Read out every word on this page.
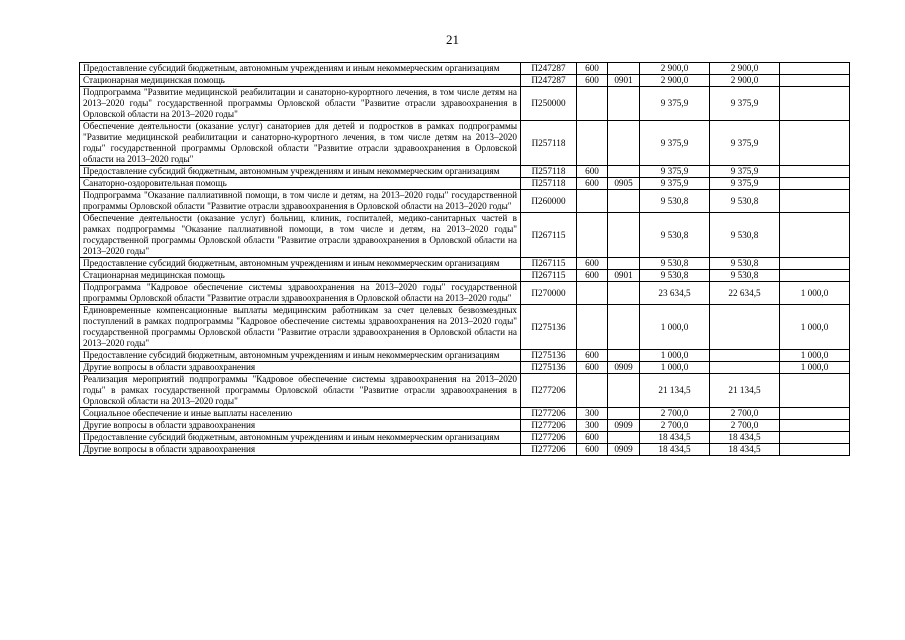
21
Предоставление субсидий бюджетным, автономным учреждениям и иным некоммерческим организациям	П247287	600		2 900,0	2 900,0	
Стационарная медицинская помощь	П247287	600	0901	2 900,0	2 900,0	
Подпрограмма "Развитие медицинской реабилитации и санаторно-курортного лечения, в том числе детям на 2013–2020 годы" государственной программы Орловской области "Развитие отрасли здравоохранения в Орловской области на 2013–2020 годы"	П250000			9 375,9	9 375,9	
Обеспечение деятельности (оказание услуг) санаториев для детей и подростков в рамках подпрограммы "Развитие медицинской реабилитации и санаторно-курортного лечения, в том числе детям на 2013–2020 годы" государственной программы Орловской области "Развитие отрасли здравоохранения в Орловской области на 2013–2020 годы"	П257118			9 375,9	9 375,9	
Предоставление субсидий бюджетным, автономным учреждениям и иным некоммерческим организациям	П257118	600		9 375,9	9 375,9	
Санаторно-оздоровительная помощь	П257118	600	0905	9 375,9	9 375,9	
Подпрограмма "Оказание паллиативной помощи, в том числе и детям, на 2013–2020 годы" государственной программы Орловской области "Развитие отрасли здравоохранения в Орловской области на 2013–2020 годы"	П260000			9 530,8	9 530,8	
Обеспечение деятельности (оказание услуг) больниц, клиник, госпиталей, медико-санитарных частей в рамках подпрограммы "Оказание паллиативной помощи, в том числе и детям, на 2013–2020 годы" государственной программы Орловской области "Развитие отрасли здравоохранения в Орловской области на 2013–2020 годы"	П267115			9 530,8	9 530,8	
Предоставление субсидий бюджетным, автономным учреждениям и иным некоммерческим организациям	П267115	600		9 530,8	9 530,8	
Стационарная медицинская помощь	П267115	600	0901	9 530,8	9 530,8	
Подпрограмма "Кадровое обеспечение системы здравоохранения на 2013–2020 годы" государственной программы Орловской области "Развитие отрасли здравоохранения в Орловской области на 2013–2020 годы"	П270000			23 634,5	22 634,5	1 000,0
Единовременные компенсационные выплаты медицинским работникам за счет целевых безвозмездных поступлений в рамках подпрограммы "Кадровое обеспечение системы здравоохранения на 2013–2020 годы" государственной программы Орловской области "Развитие отрасли здравоохранения в Орловской области на 2013–2020 годы"	П275136			1 000,0		1 000,0
Предоставление субсидий бюджетным, автономным учреждениям и иным некоммерческим организациям	П275136	600		1 000,0		1 000,0
Другие вопросы в области здравоохранения	П275136	600	0909	1 000,0		1 000,0
Реализация мероприятий подпрограммы "Кадровое обеспечение системы здравоохранения на 2013–2020 годы" в рамках государственной программы Орловской области "Развитие отрасли здравоохранения в Орловской области на 2013–2020 годы"	П277206			21 134,5	21 134,5	
Социальное обеспечение и иные выплаты населению	П277206	300		2 700,0	2 700,0	
Другие вопросы в области здравоохранения	П277206	300	0909	2 700,0	2 700,0	
Предоставление субсидий бюджетным, автономным учреждениям и иным некоммерческим организациям	П277206	600		18 434,5	18 434,5	
Другие вопросы в области здравоохранения	П277206	600	0909	18 434,5	18 434,5	
